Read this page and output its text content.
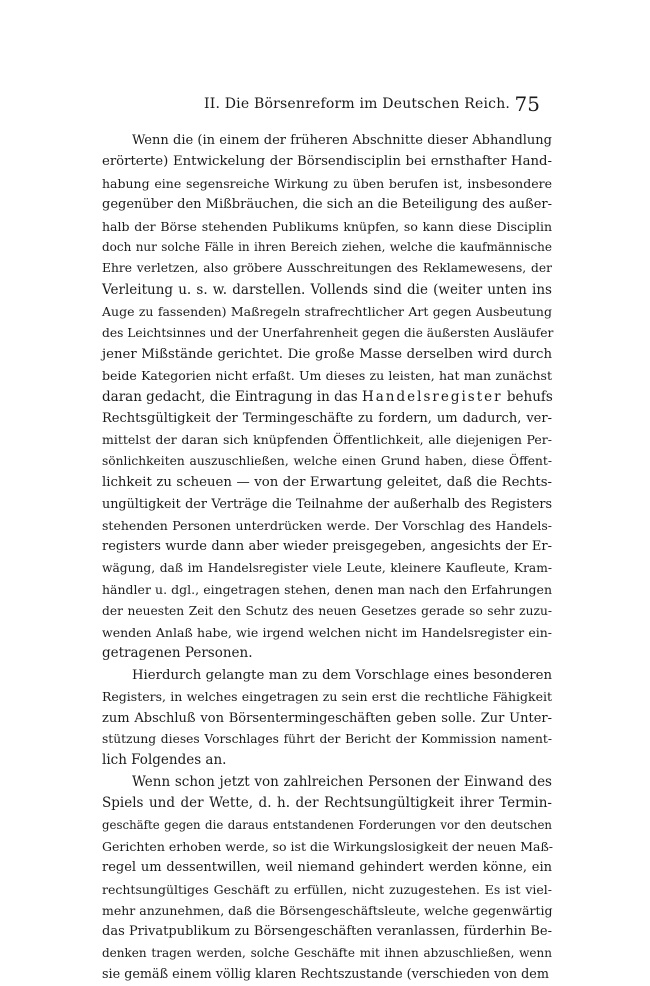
II. Die Börsenreform im Deutschen Reich. 75
Wenn die (in einem der früheren Abschnitte dieser Abhandlung
erörterte) Entwickelung der Börsendisciplin bei ernsthafter Hand-
habung eine segensreiche Wirkung zu üben berufen ist, insbesondere
gegenüber den Mißbräuchen, die sich an die Beteiligung des außer-
halb der Börse stehenden Publikums knüpfen, so kann diese Disciplin
doch nur solche Fälle in ihren Bereich ziehen, welche die kaufmännische
Ehre verletzen, also gröbere Ausschreitungen des Reklamewesens, der
Verleitung u. s. w. darstellen. Vollends sind die (weiter unten ins
Auge zu fassenden) Maßregeln strafrechtlicher Art gegen Ausbeutung
des Leichtsinnes und der Unerfahrenheit gegen die äußersten Ausläufer
jener Mißstände gerichtet. Die große Masse derselben wird durch
beide Kategorien nicht erfaßt. Um dieses zu leisten, hat man zunächst
daran gedacht, die Eintragung in das Handelsregister behufs
Rechtsgültigkeit der Termingeschäfte zu fordern, um dadurch, ver-
mittelst der daran sich knüpfenden Öffentlichkeit, alle diejenigen Per-
sönlichkeiten auszuschließen, welche einen Grund haben, diese Öffent-
lichkeit zu scheuen — von der Erwartung geleitet, daß die Rechts-
ungültigkeit der Verträge die Teilnahme der außerhalb des Registers
stehenden Personen unterdrücken werde. Der Vorschlag des Handels-
registers wurde dann aber wieder preisgegeben, angesichts der Er-
wägung, daß im Handelsregister viele Leute, kleinere Kaufleute, Kram-
händler u. dgl., eingetragen stehen, denen man nach den Erfahrungen
der neuesten Zeit den Schutz des neuen Gesetzes gerade so sehr zuzu-
wenden Anlaß habe, wie irgend welchen nicht im Handelsregister ein-
getragenen Personen.
Hierdurch gelangte man zu dem Vorschlage eines besonderen
Registers, in welches eingetragen zu sein erst die rechtliche Fähigkeit
zum Abschluß von Börsentermingeschäften geben solle. Zur Unter-
stützung dieses Vorschlages führt der Bericht der Kommission nament-
lich Folgendes an.
Wenn schon jetzt von zahlreichen Personen der Einwand des
Spiels und der Wette, d. h. der Rechtsungültigkeit ihrer Termin-
geschäfte gegen die daraus entstandenen Forderungen vor den deutschen
Gerichten erhoben werde, so ist die Wirkungslosigkeit der neuen Maß-
regel um dessentwillen, weil niemand gehindert werden könne, ein
rechtsungültiges Geschäft zu erfüllen, nicht zuzugestehen. Es ist viel-
mehr anzunehmen, daß die Börsengeschäftsleute, welche gegenwärtig
das Privatpublikum zu Börsengeschäften veranlassen, fürderhin Be-
denken tragen werden, solche Geschäfte mit ihnen abzuschließen, wenn
sie gemäß einem völlig klaren Rechtszustande (verschieden von dem
